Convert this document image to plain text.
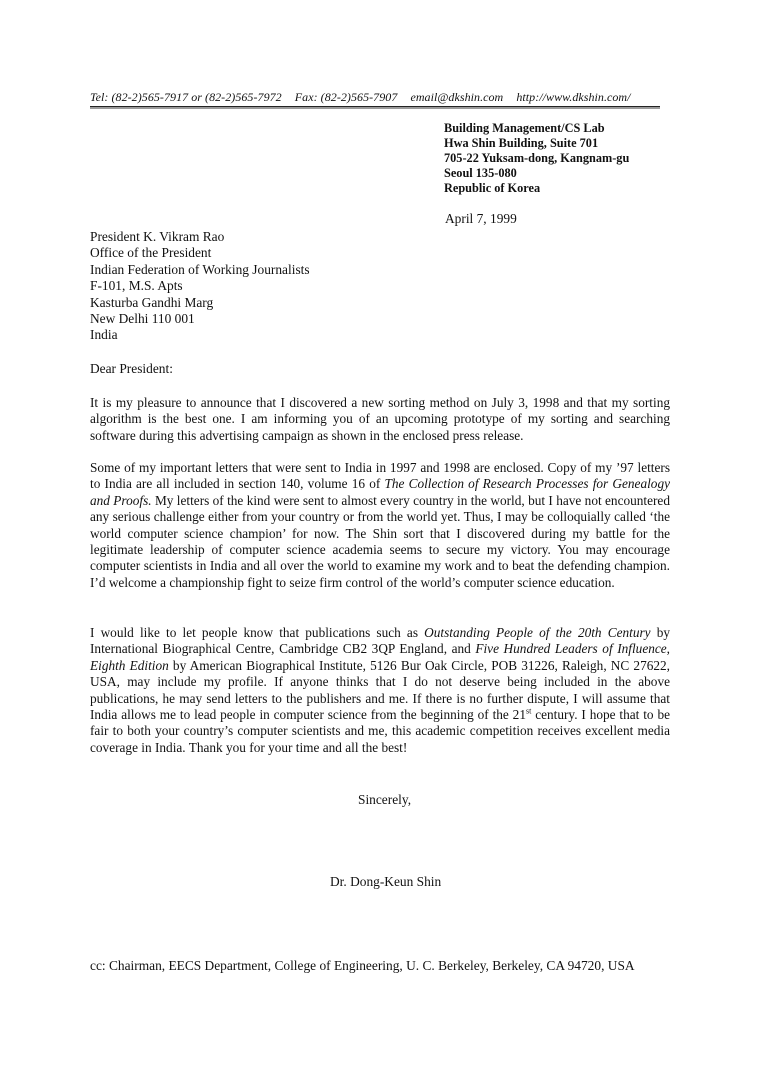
Tel: (82-2)565-7917 or (82-2)565-7972 Fax: (82-2)565-7907 email@dkshin.com http://www.dkshin.com/
Building Management/CS Lab
Hwa Shin Building, Suite 701
705-22 Yuksam-dong, Kangnam-gu
Seoul 135-080
Republic of Korea
April 7, 1999
President K. Vikram Rao
Office of the President
Indian Federation of Working Journalists
F-101, M.S. Apts
Kasturba Gandhi Marg
New Delhi 110 001
India
Dear President:
It is my pleasure to announce that I discovered a new sorting method on July 3, 1998 and that my sorting algorithm is the best one. I am informing you of an upcoming prototype of my sorting and searching software during this advertising campaign as shown in the enclosed press release.
Some of my important letters that were sent to India in 1997 and 1998 are enclosed. Copy of my ’97 letters to India are all included in section 140, volume 16 of The Collection of Research Processes for Genealogy and Proofs. My letters of the kind were sent to almost every country in the world, but I have not encountered any serious challenge either from your country or from the world yet. Thus, I may be colloquially called ‘the world computer science champion’ for now. The Shin sort that I discovered during my battle for the legitimate leadership of computer science academia seems to secure my victory. You may encourage computer scientists in India and all over the world to examine my work and to beat the defending champion. I’d welcome a championship fight to seize firm control of the world’s computer science education.
I would like to let people know that publications such as Outstanding People of the 20th Century by International Biographical Centre, Cambridge CB2 3QP England, and Five Hundred Leaders of Influence, Eighth Edition by American Biographical Institute, 5126 Bur Oak Circle, POB 31226, Raleigh, NC 27622, USA, may include my profile. If anyone thinks that I do not deserve being included in the above publications, he may send letters to the publishers and me. If there is no further dispute, I will assume that India allows me to lead people in computer science from the beginning of the 21st century. I hope that to be fair to both your country’s computer scientists and me, this academic competition receives excellent media coverage in India. Thank you for your time and all the best!
Sincerely,
Dr. Dong-Keun Shin
cc: Chairman, EECS Department, College of Engineering, U. C. Berkeley, Berkeley, CA 94720, USA
